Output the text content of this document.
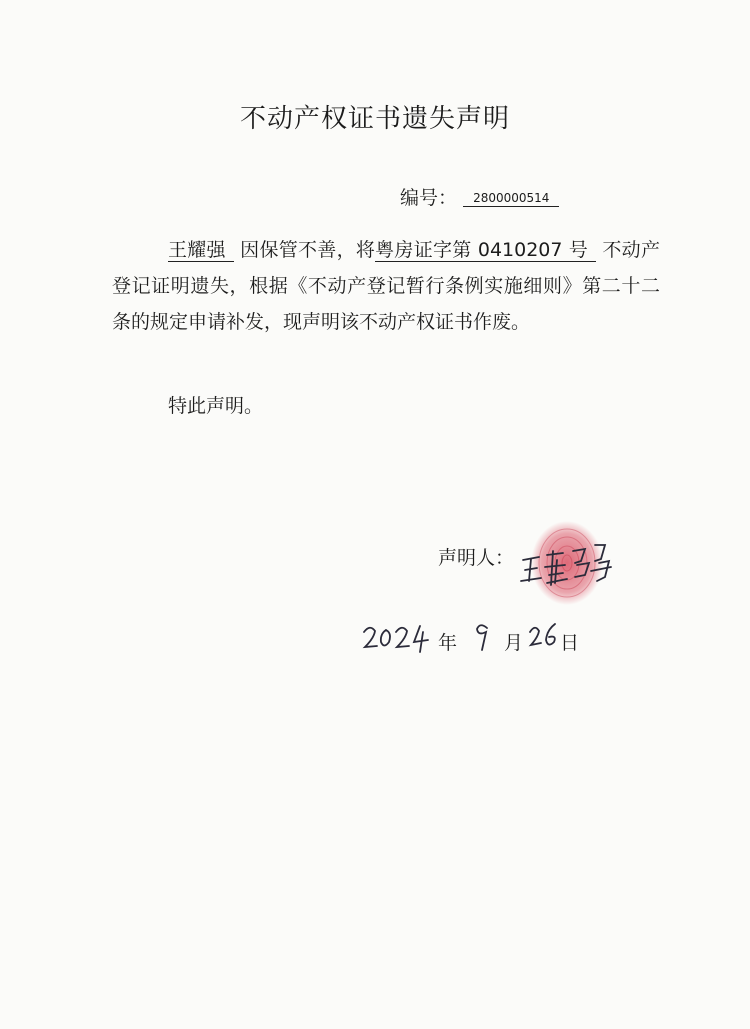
不动产权证书遗失声明
编号： 2800000514
王耀强 因保管不善，将粤房证字第 0410207 号 不动产登记证明遗失，根据《不动产登记暂行条例实施细则》第二十二条的规定申请补发，现声明该不动产权证书作废。
特此声明。
声明人：
年 月 日
